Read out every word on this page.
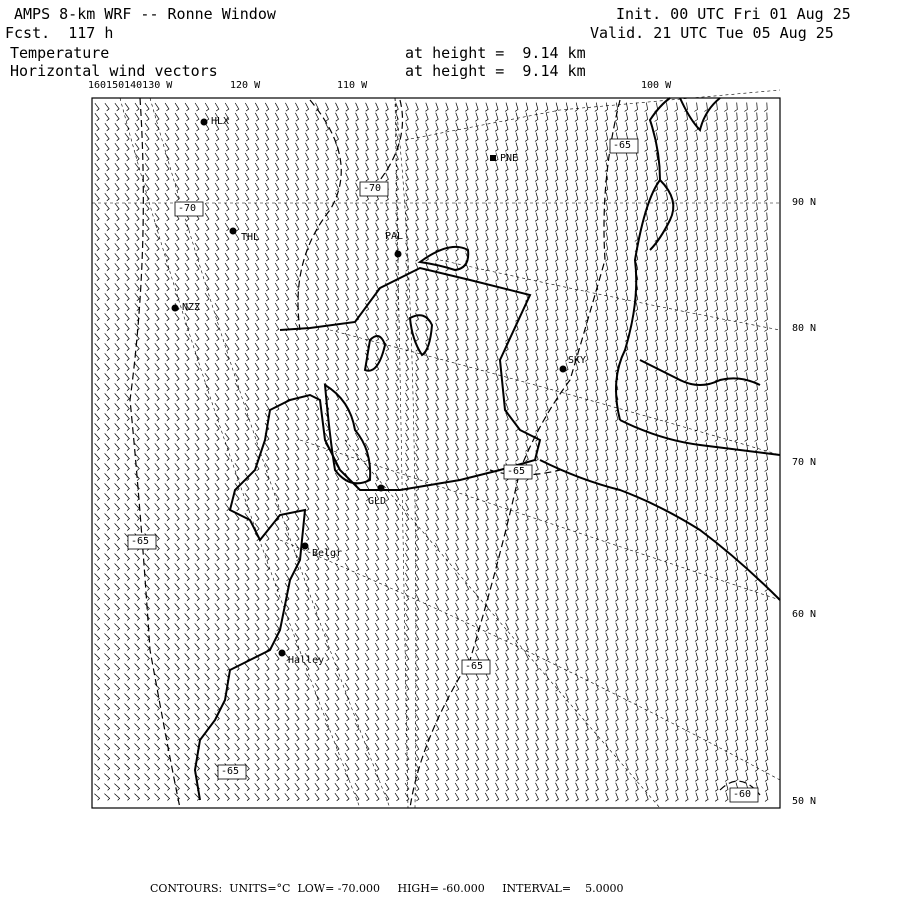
AMPS 8-km WRF -- Ronne Window
Fcst.  117 h
Temperature
Horizontal wind vectors
Init. 00 UTC Fri 01 Aug 25
Valid. 21 UTC Tue 05 Aug 25
at height =  9.14 km
at height =  9.14 km
-65
-70
-70
-65
-65
-65
-65
-60
HLX
PNE
THL	PAL
NZZ
SKY
GLD
Belgr
Halley
160150140130 W	120 W	110 W	100 W
90 N
80 N
70 N
60 N
50 N
CONTOURS:  UNITS=°C  LOW= -70.000     HIGH= -60.000     INTERVAL=    5.0000
